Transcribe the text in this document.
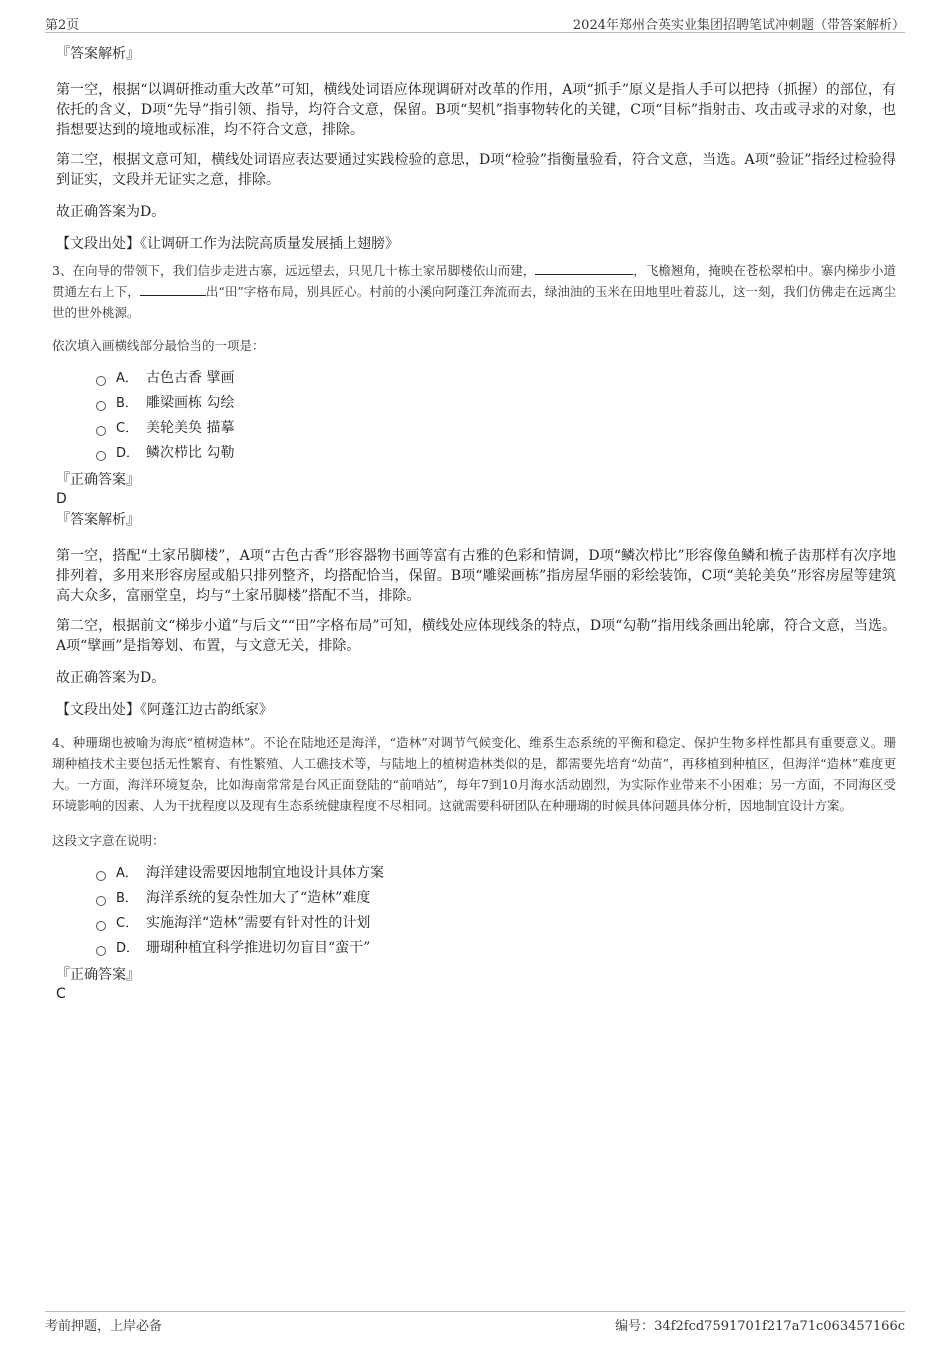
第2页	2024年郑州合英实业集团招聘笔试冲刺题（带答案解析）
『答案解析』

第一空，根据“以调研推动重大改革”可知，横线处词语应体现调研对改革的作用，A项“抓手”原义是指人手可以把持（抓握）的部位，有依托的含义，D项“先导”指引领、指导，均符合文意，保留。B项“契机”指事物转化的关键，C项“目标”指射击、攻击或寻求的对象，也指想要达到的境地或标准，均不符合文意，排除。

第二空，根据文意可知，横线处词语应表达要通过实践检验的意思，D项“检验”指衡量验看，符合文意，当选。A项“验证”指经过检验得到证实，文段并无证实之意，排除。

故正确答案为D。

【文段出处】《让调研工作为法院高质量发展插上翅膀》

3、在向导的带领下，我们信步走进古寨，远远望去，只见几十栋土家吊脚楼依山而建，	，飞檐翘角，掩映在苍松翠柏中。寨内梯步小道贯通左右上下，	出“田”字格布局，别具匠心。村前的小溪向阿蓬江奔流而去，绿油油的玉米在田地里吐着蕊儿，这一刻，我们仿佛走在远离尘世的世外桃源。

依次填入画横线部分最恰当的一项是：

A． 古色古香 擘画
B． 雕梁画栋 勾绘
C． 美轮美奂 描摹
D． 鳞次栉比 勾勒
『正确答案』
D
『答案解析』

第一空，搭配“土家吊脚楼”，A项“古色古香”形容器物书画等富有古雅的色彩和情调，D项“鳞次栉比”形容像鱼鳞和梳子齿那样有次序地排列着，多用来形容房屋或船只排列整齐，均搭配恰当，保留。B项“雕梁画栋”指房屋华丽的彩绘装饰，C项“美轮美奂”形容房屋等建筑高大众多，富丽堂皇，均与“土家吊脚楼”搭配不当，排除。

第二空，根据前文“梯步小道”与后文““田”字格布局”可知，横线处应体现线条的特点，D项“勾勒”指用线条画出轮廓，符合文意，当选。A项“擘画”是指筹划、布置，与文意无关，排除。

故正确答案为D。

【文段出处】《阿蓬江边古韵纸家》

4、种珊瑚也被喻为海底“植树造林”。不论在陆地还是海洋，“造林”对调节气候变化、维系生态系统的平衡和稳定、保护生物多样性都具有重要意义。珊瑚种植技术主要包括无性繁育、有性繁殖、人工礁技术等，与陆地上的植树造林类似的是，都需要先培育“幼苗”，再移植到种植区，但海洋“造林”难度更大。一方面，海洋环境复杂，比如海南常常是台风正面登陆的“前哨站”，每年7到10月海水活动剧烈，为实际作业带来不小困难；另一方面，不同海区受环境影响的因素、人为干扰程度以及现有生态系统健康程度不尽相同。这就需要科研团队在种珊瑚的时候具体问题具体分析，因地制宜设计方案。

这段文字意在说明：

A． 海洋建设需要因地制宜地设计具体方案
B． 海洋系统的复杂性加大了“造林”难度
C． 实施海洋“造林”需要有针对性的计划
D． 珊瑚种植宜科学推进切勿盲目“蛮干”
『正确答案』
C
考前押题，上岸必备	编号：34f2fcd7591701f217a71c063457166c
